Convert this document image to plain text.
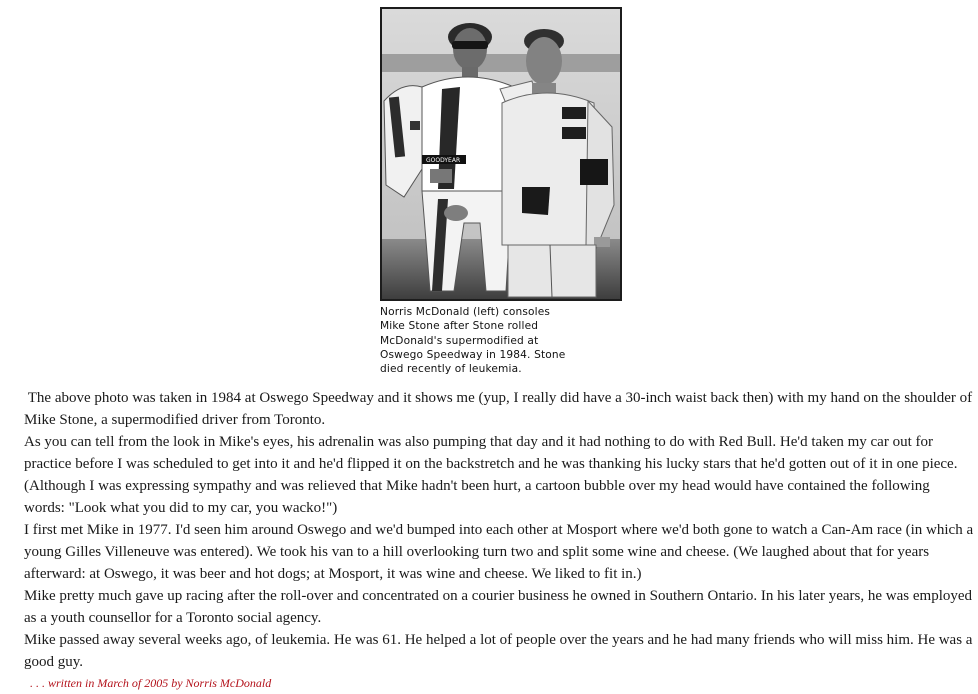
GOODYEAR
Norris McDonald (left) consoles
Mike Stone after Stone rolled
McDonald's supermodified at
Oswego Speedway in 1984. Stone
died recently of leukemia.

The above photo was taken in 1984 at Oswego Speedway and it shows me (yup, I really did have a 30-inch waist back then) with my hand on the shoulder of Mike Stone, a supermodified driver from Toronto.

As you can tell from the look in Mike's eyes, his adrenalin was also pumping that day and it had nothing to do with Red Bull. He'd taken my car out for practice before I was scheduled to get into it and he'd flipped it on the backstretch and he was thanking his lucky stars that he'd gotten out of it in one piece. (Although I was expressing sympathy and was relieved that Mike hadn't been hurt, a cartoon bubble over my head would have contained the following words: "Look what you did to my car, you wacko!")

I first met Mike in 1977. I'd seen him around Oswego and we'd bumped into each other at Mosport where we'd both gone to watch a Can-Am race (in which a young Gilles Villeneuve was entered). We took his van to a hill overlooking turn two and split some wine and cheese. (We laughed about that for years afterward: at Oswego, it was beer and hot dogs; at Mosport, it was wine and cheese. We liked to fit in.)

Mike pretty much gave up racing after the roll-over and concentrated on a courier business he owned in Southern Ontario. In his later years, he was employed as a youth counsellor for a Toronto social agency.

Mike passed away several weeks ago, of leukemia. He was 61. He helped a lot of people over the years and he had many friends who will miss him. He was a good guy.

. . . written in March of 2005 by Norris McDonald
